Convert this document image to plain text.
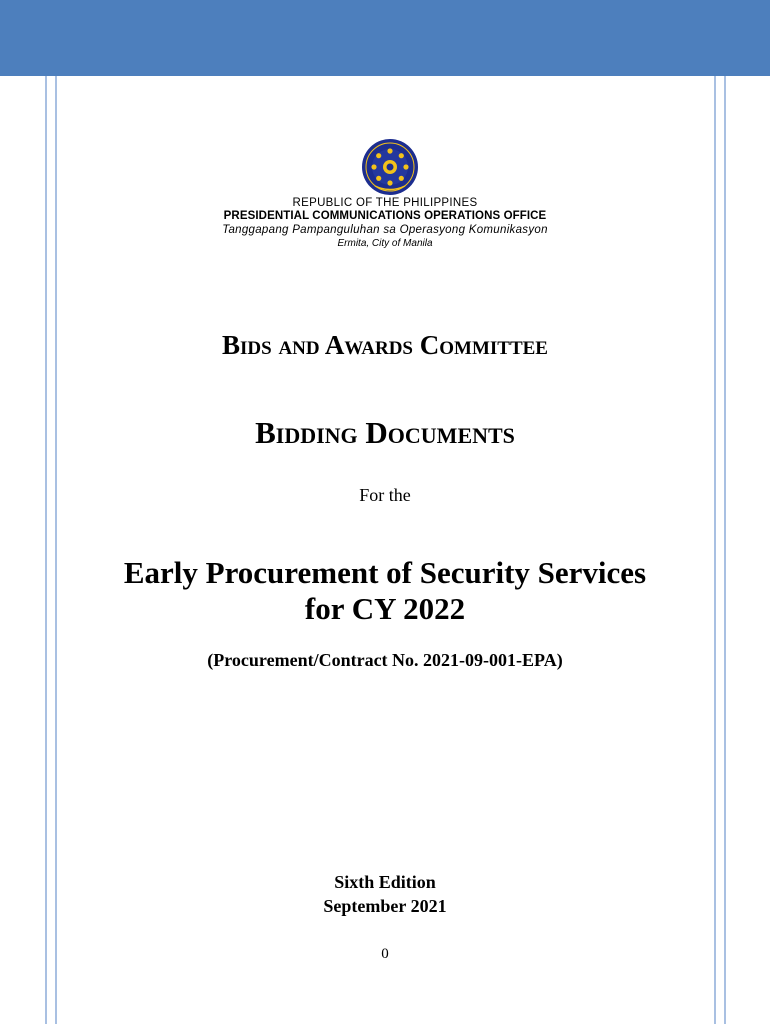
REPUBLIC OF THE PHILIPPINES
PRESIDENTIAL COMMUNICATIONS OPERATIONS OFFICE
Tanggapang Pampanguluhan sa Operasyong Komunikasyon
Ermita, City of Manila
Bids and Awards Committee
Bidding Documents
For the
Early Procurement of Security Services
for CY 2022
(Procurement/Contract No. 2021-09-001-EPA)
Sixth Edition
September 2021
0
